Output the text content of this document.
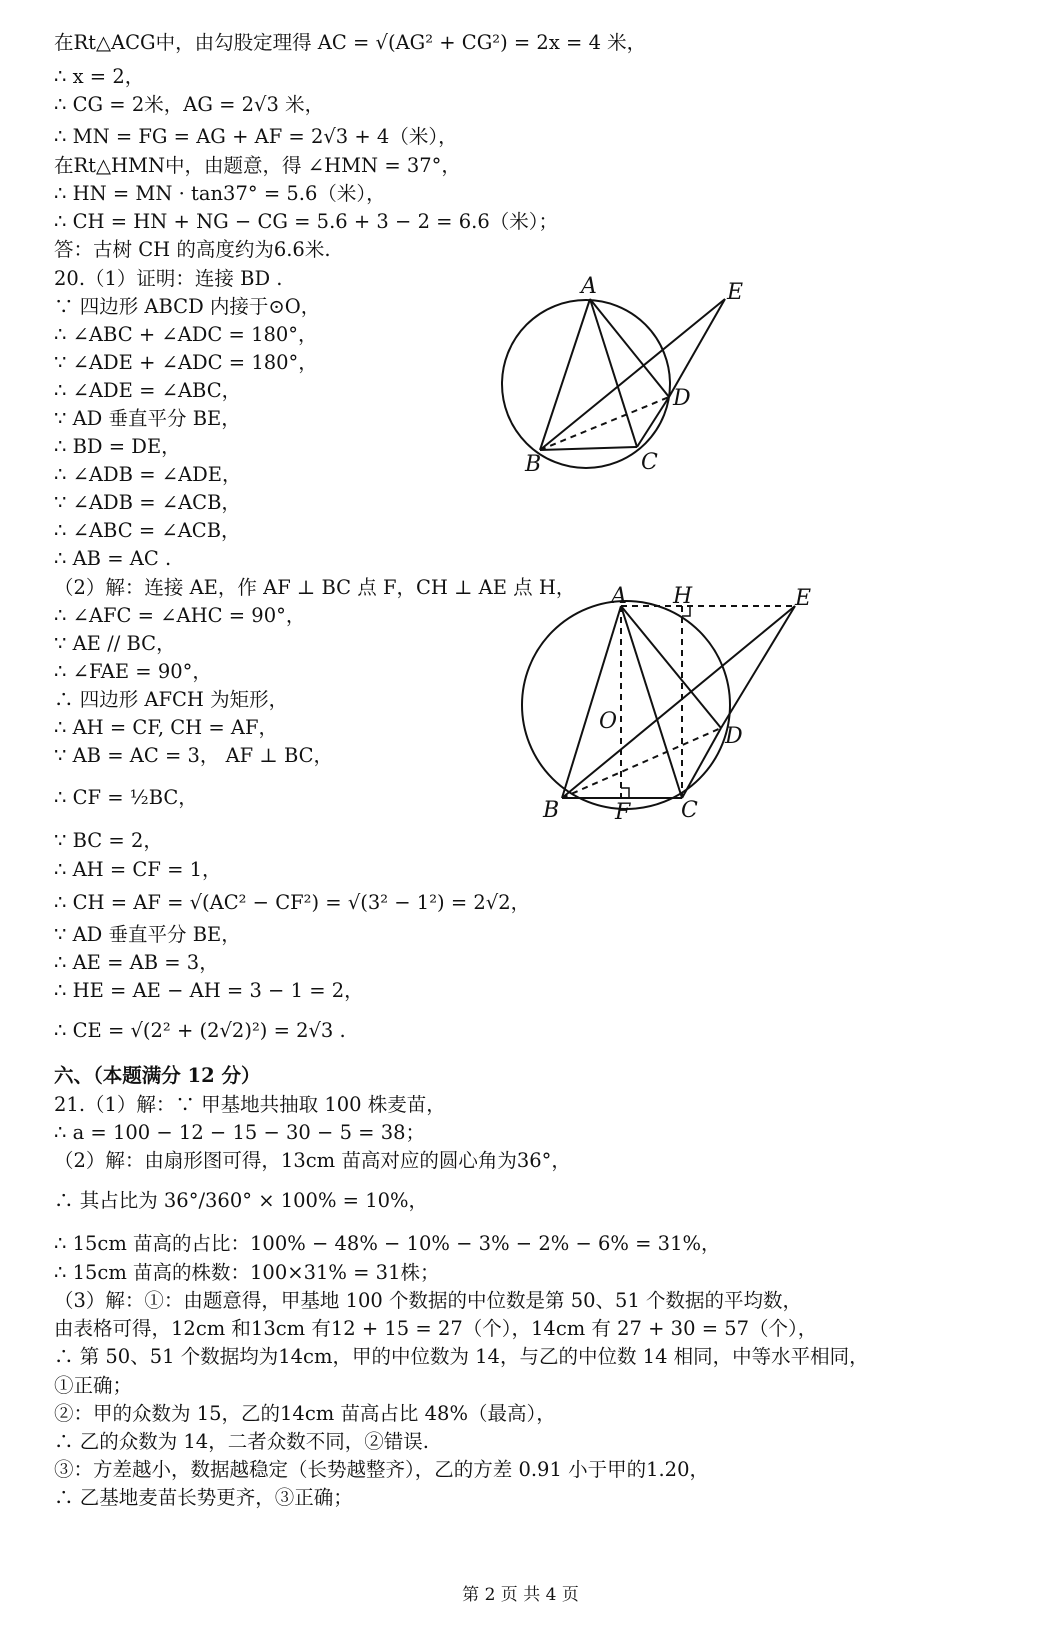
在Rt△ACG中，由勾股定理得 AC = √(AG² + CG²) = 2x = 4 米，
∴ x = 2，
∴ CG = 2米，AG = 2√3 米，
∴ MN = FG = AG + AF = 2√3 + 4（米），
在Rt△HMN中，由题意，得 ∠HMN = 37°，
∴ HN = MN · tan37° = 5.6（米），
∴ CH = HN + NG − CG = 5.6 + 3 − 2 = 6.6（米）；
答：古树 CH 的高度约为6.6米.
20.（1）证明：连接 BD .
∵ 四边形 ABCD 内接于⊙O，
∴ ∠ABC + ∠ADC = 180°，
∵ ∠ADE + ∠ADC = 180°，
∴ ∠ADE = ∠ABC，
∵ AD 垂直平分 BE，
∴ BD = DE，
∴ ∠ADB = ∠ADE，
∵ ∠ADB = ∠ACB，
∴ ∠ABC = ∠ACB，
∴ AB = AC .
（2）解：连接 AE，作 AF ⊥ BC 点 F，CH ⊥ AE 点 H，
∴ ∠AFC = ∠AHC = 90°，
∵ AE // BC，
∴ ∠FAE = 90°，
∴ 四边形 AFCH 为矩形，
∴ AH = CF, CH = AF，
∵ AB = AC = 3， AF ⊥ BC，
∴ CF = ½BC，
∵ BC = 2，
∴ AH = CF = 1，
∴ CH = AF = √(AC² − CF²) = √(3² − 1²) = 2√2，
∵ AD 垂直平分 BE，
∴ AE = AB = 3，
∴ HE = AE − AH = 3 − 1 = 2，
∴ CE = √(2² + (2√2)²) = 2√3 .
六、（本题满分 12 分）
21.（1）解：∵ 甲基地共抽取 100 株麦苗，
∴ a = 100 − 12 − 15 − 30 − 5 = 38；
（2）解：由扇形图可得，13cm 苗高对应的圆心角为36°，
∴ 其占比为 36°/360° × 100% = 10%，
∴ 15cm 苗高的占比：100% − 48% − 10% − 3% − 2% − 6% = 31%，
∴ 15cm 苗高的株数：100×31% = 31株；
（3）解：①：由题意得，甲基地 100 个数据的中位数是第 50、51 个数据的平均数，
由表格可得，12cm 和13cm 有12 + 15 = 27（个），14cm 有 27 + 30 = 57（个），
∴ 第 50、51 个数据均为14cm，甲的中位数为 14，与乙的中位数 14 相同，中等水平相同，
①正确；
②：甲的众数为 15，乙的14cm 苗高占比 48%（最高），
∴ 乙的众数为 14，二者众数不同，②错误.
③：方差越小，数据越稳定（长势越整齐），乙的方差 0.91 小于甲的1.20，
∴ 乙基地麦苗长势更齐，③正确；
A	E
D
B	C
A H	E
O
D
B	F C
第 2 页 共 4 页
